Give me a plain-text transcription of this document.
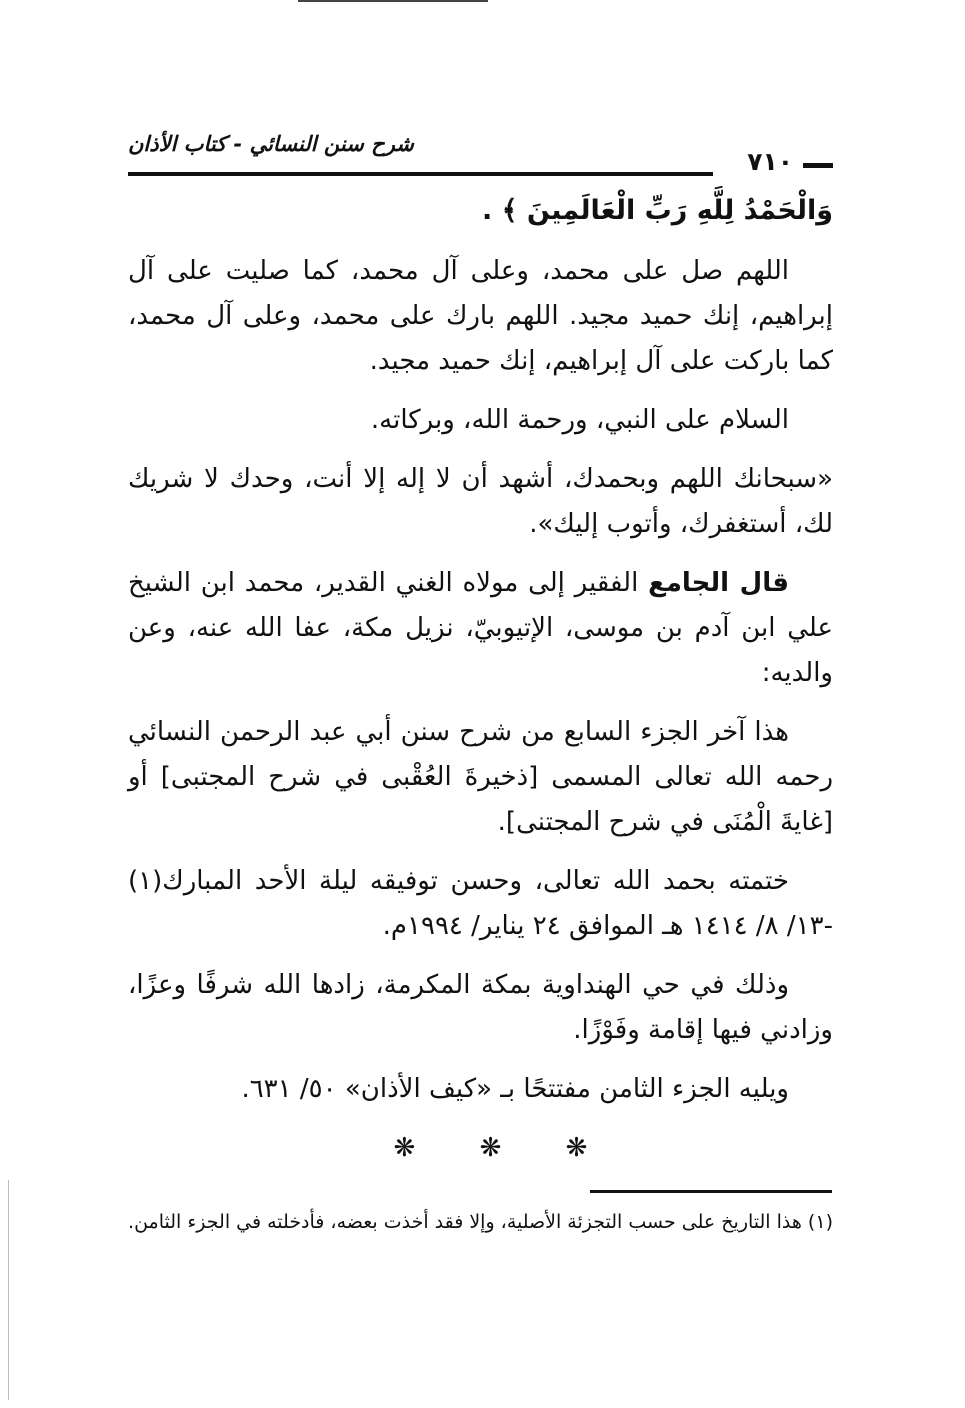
٧١٠
شرح سنن النسائي - كتاب الأذان

وَالْحَمْدُ لِلَّهِ رَبِّ الْعَالَمِينَ ﴾ .

اللهم صل على محمد، وعلى آل محمد، كما صليت على آل إبراهيم، إنك حميد مجيد. اللهم بارك على محمد، وعلى آل محمد، كما باركت على آل إبراهيم، إنك حميد مجيد.

السلام على النبي، ورحمة الله، وبركاته.

«سبحانك اللهم وبحمدك، أشهد أن لا إله إلا أنت، وحدك لا شريك لك، أستغفرك، وأتوب إليك».

قال الجامع الفقير إلى مولاه الغني القدير، محمد ابن الشيخ علي ابن آدم بن موسى، الإتيوبيّ، نزيل مكة، عفا الله عنه، وعن والديه:

هذا آخر الجزء السابع من شرح سنن أبي عبد الرحمن النسائي رحمه الله تعالى المسمى [ذخيرةَ العُقْبى في شرح المجتبى] أو [غايةَ الْمُنَى في شرح المجتنى].

ختمته بحمد الله تعالى، وحسن توفيقه ليلة الأحد المبارك(١) -١٣/ ٨/ ١٤١٤ هـ الموافق ٢٤ يناير/ ١٩٩٤م.

وذلك في حي الهنداوية بمكة المكرمة، زادها الله شرفًا وعزًا، وزادني فيها إقامة وفَوْزًا.

ويليه الجزء الثامن مفتتحًا بـ «كيف الأذان» ٥٠/ ٦٣١.

❋ ❋ ❋
(١) هذا التاريخ على حسب التجزئة الأصلية، وإلا فقد أخذت بعضه، فأدخلته في الجزء الثامن.
